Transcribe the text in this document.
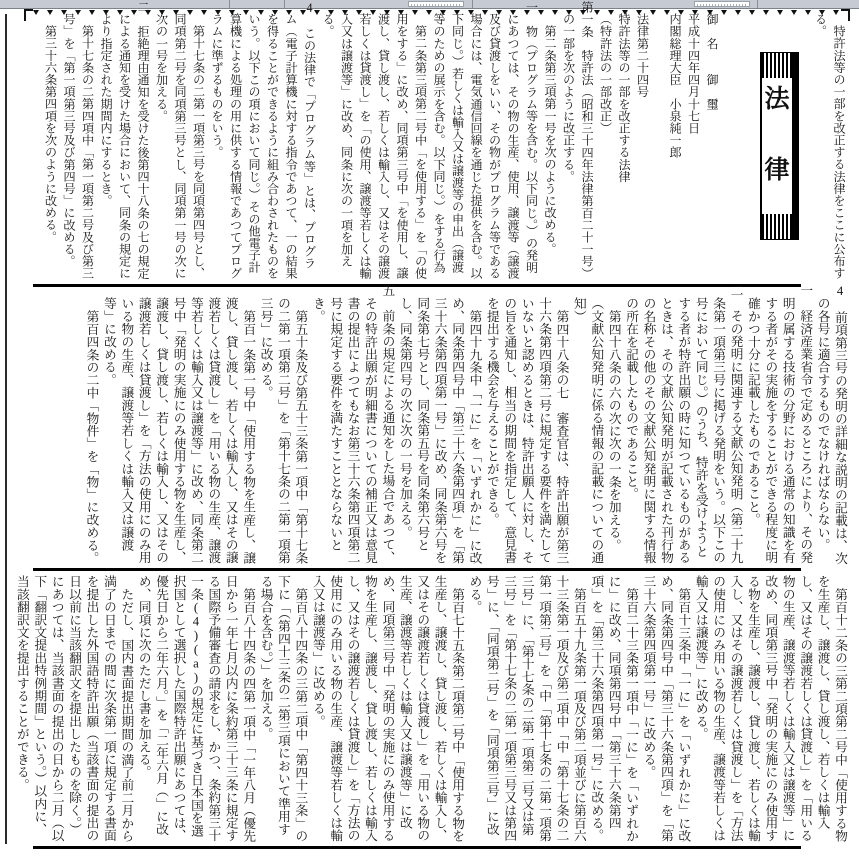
法
律	特許法等の一部を改正する法律をここに公布する。

御　名　　御　璽

平成十四年四月十七日

内閣総理大臣　小泉純一郎

法律第二十四号

特許法等の一部を改正する法律

（特許法の一部改正）

第一条　特許法（昭和三十四年法律第百二十一号）の一部を次のように改正する。

第二条第三項第一号を次のように改める。

一　物（プログラム等を含む。以下同じ。）の発明にあつては、その物の生産、使用、譲渡等（譲渡及び貸渡しをいい、その物がプログラム等である場合には、電気通信回線を通じた提供を含む。以下同じ。）若しくは輸入又は譲渡等の申出（譲渡等のための展示を含む。以下同じ。）をする行為

第二条第三項第二号中「を使用する」を「の使用をする」に改め、同項第三号中「を使用し、譲渡し、貸し渡し、若しくは輸入し、又はその譲渡若しくは貸渡し」を「の使用、譲渡等若しくは輸入又は譲渡等」に改め、同条に次の一項を加える。

4　この法律で「プログラム等」とは、プログラム（電子計算機に対する指令であつて、一の結果を得ることができるように組み合わされたものをいう。以下この項において同じ。）その他電子計算機による処理の用に供する情報であつてプログラムに準ずるものをいう。

第十七条の二第一項第三号を同項第四号とし、同項第二号を同項第三号とし、同項第一号の次に次の一号を加える。

二　拒絶理由通知を受けた後第四十八条の七の規定による通知を受けた場合において、同条の規定により指定された期間内にするとき。

第十七条の二第四項中「第一項第二号及び第三号」を「第一項第三号及び第四号」に改める。

第三十六条第四項を次のように改める。

4　前項第三号の発明の詳細な説明の記載は、次の各号に適合するものでなければならない。

一　経済産業省令で定めるところにより、その発明の属する技術の分野における通常の知識を有する者がその実施をすることができる程度に明確かつ十分に記載したものであること。

二　その発明に関連する文献公知発明（第二十九条第一項第三号に掲げる発明をいう。以下この号において同じ。）のうち、特許を受けようとする者が特許出願の時に知つているものがあるときは、その文献公知発明が記載された刊行物の名称その他のその文献公知発明に関する情報の所在を記載したものであること。

第四十八条の六の次に次の一条を加える。

（文献公知発明に係る情報の記載についての通知）

第四十八条の七　審査官は、特許出願が第三十六条第四項第二号に規定する要件を満たしていないと認めるときは、特許出願人に対し、その旨を通知し、相当の期間を指定して、意見書を提出する機会を与えることができる。

第四十九条中「一に」を「いずれかに」に改め、同条第四号中「第三十六条第四項」を「第三十六条第四項第一号」に改め、同条第六号を同条第七号とし、同条第五号を同条第六号とし、同条第四号の次に次の一号を加える。

五　前条の規定による通知をした場合であつて、その特許出願が明細書についての補正又は意見書の提出によつてもなお第三十六条第四項第二号に規定する要件を満たすこととならないとき。

第五十条及び第五十三条第一項中「第十七条の二第一項第二号」を「第十七条の二第一項第三号」に改める。

第百一条第一号中「使用する物を生産し、譲渡し、貸し渡し、若しくは輸入し、又はその譲渡若しくは貸渡し」を「用いる物の生産、譲渡等若しくは輸入又は譲渡等」に改め、同条第二号中「発明の実施にのみ使用する物を生産し、譲渡し、貸し渡し、若しくは輸入し、又はその譲渡若しくは貸渡し」を「方法の使用にのみ用いる物の生産、譲渡等若しくは輸入又は譲渡等」に改める。

第百四条の二中「物件」を「物」に改める。

第百十二条の三第二項第二号中「使用する物を生産し、譲渡し、貸し渡し、若しくは輸入し、又はその譲渡若しくは貸渡し」を「用いる物の生産、譲渡等若しくは輸入又は譲渡等」に改め、同項第三号中「発明の実施にのみ使用する物を生産し、譲渡し、貸し渡し、若しくは輸入し、又はその譲渡若しくは貸渡し」を「方法の使用にのみ用いる物の生産、譲渡等若しくは輸入又は譲渡等」に改める。

第百十三条中「一に」を「いずれかに」に改め、同条第四号中「第三十六条第四項」を「第三十六条第四項第一号」に改める。

第百二十三条第一項中「一に」を「いずれかに」に改め、同項第四号中「第三十六条第四項」を「第三十六条第四項第一号」に改める。

第百五十九条第一項及び第二項並びに第百六十三条第一項及び第二項中「中「第十七条の二第一項第二号」を「中「第十七条の二第一項第三号」に、「第十七条の二第一項第二号又は第三号」を「第十七条の二第一項第三号又は第四号」に、「同項第二号」を「同項第三号」に改める。

第百七十五条第二項第二号中「使用する物を生産し、譲渡し、貸し渡し、若しくは輸入し、又はその譲渡若しくは貸渡し」を「用いる物の生産、譲渡等若しくは輸入又は譲渡等」に改め、同項第三号中「発明の実施にのみ使用する物を生産し、譲渡し、貸し渡し、若しくは輸入し、又はその譲渡若しくは貸渡し」を「方法の使用にのみ用いる物の生産、譲渡等若しくは輸入又は譲渡等」に改める。

第百八十四条の三第二項中「第四十三条」の下に「（第四十三条の二第三項において準用する場合を含む。）」を加える。

第百八十四条の四第一項中「一年八月（優先日から一年七月以内に条約第三十三条に規定する国際予備審査の請求をし、かつ、条約第三十一条(4)(a)の規定に基づき日本国を選択国として選択した国際特許出願にあつては、優先日から二年六月。」を「二年六月（」に改め、同項に次のただし書を加える。

ただし、国内書面提出期間の満了前二月から満了の日までの間に次条第一項に規定する書面を提出した外国語特許出願（当該書面の提出の日以前に当該翻訳文を提出したものを除く。）にあつては、当該書面の提出の日から二月（以下「翻訳文提出特例期間」という。）以内に、当該翻訳文を提出することができる。
